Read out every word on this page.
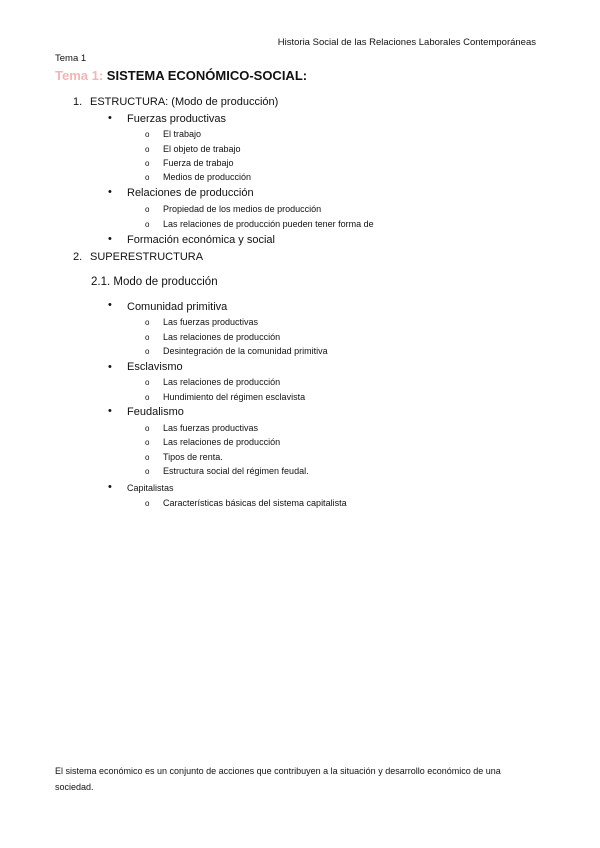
Historia Social de las Relaciones Laborales Contemporáneas
Tema 1
Tema 1: SISTEMA ECONÓMICO-SOCIAL:
1. ESTRUCTURA: (Modo de producción)
• Fuerzas productivas
o El trabajo
o El objeto de trabajo
o Fuerza de trabajo
o Medios de producción
• Relaciones de producción
o Propiedad de los medios de producción
o Las relaciones de producción pueden tener forma de
• Formación económica y social
2. SUPERESTRUCTURA
2.1. Modo de producción
• Comunidad primitiva
o Las fuerzas productivas
o Las relaciones de producción
o Desintegración de la comunidad primitiva
• Esclavismo
o Las relaciones de producción
o Hundimiento del régimen esclavista
• Feudalismo
o Las fuerzas productivas
o Las relaciones de producción
o Tipos de renta.
o Estructura social del régimen feudal.
• Capitalistas
o Características básicas del sistema capitalista
El sistema económico es un conjunto de acciones que contribuyen a la situación y desarrollo económico de una sociedad.
